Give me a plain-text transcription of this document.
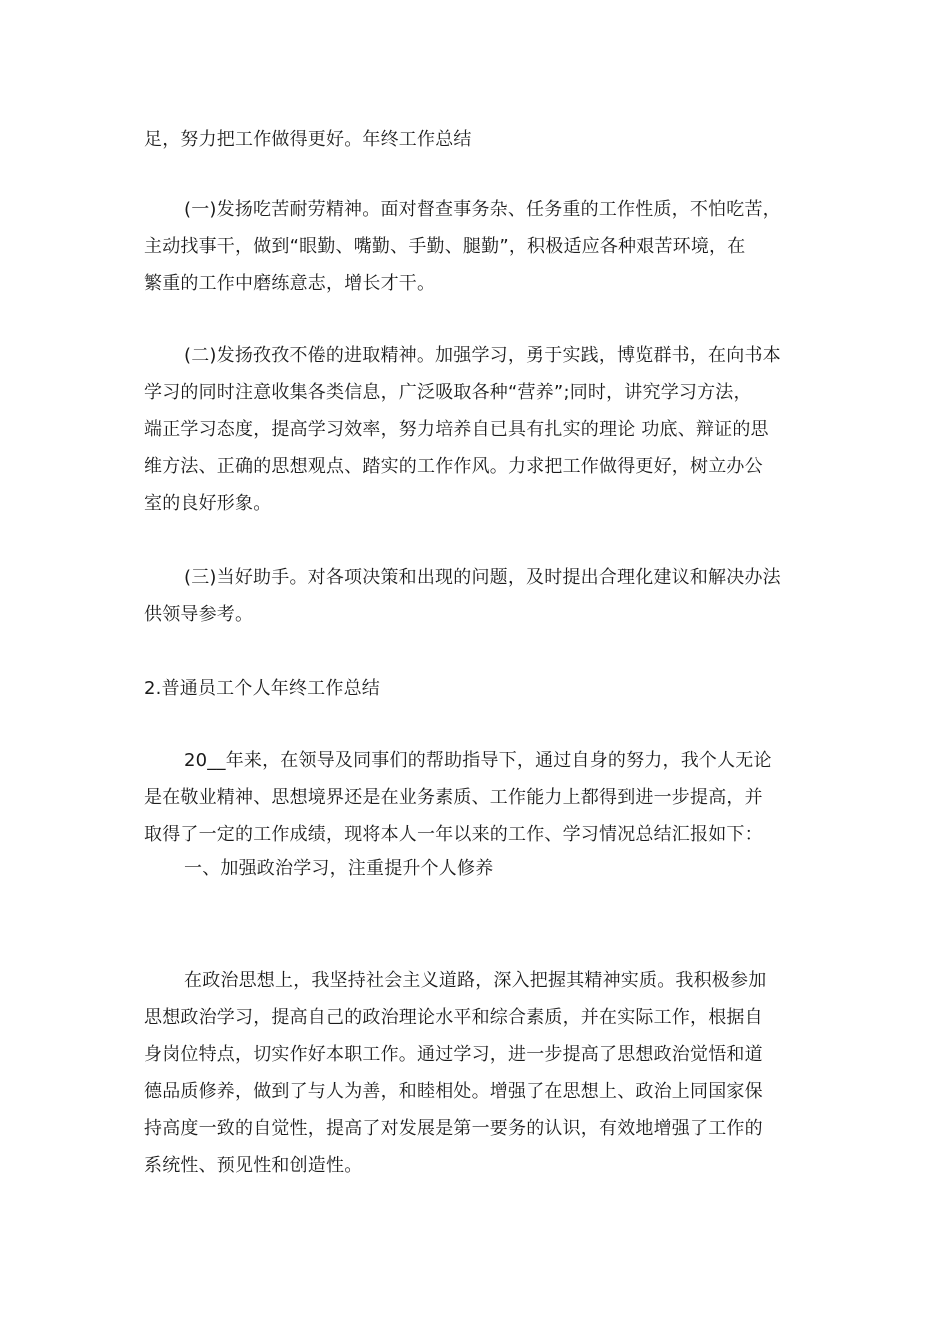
足，努力把工作做得更好。年终工作总结

(一)发扬吃苦耐劳精神。面对督查事务杂、任务重的工作性质，不怕吃苦，
主动找事干，做到“眼勤、嘴勤、手勤、腿勤”，积极适应各种艰苦环境，在
繁重的工作中磨练意志，增长才干。

(二)发扬孜孜不倦的进取精神。加强学习，勇于实践，博览群书，在向书本
学习的同时注意收集各类信息，广泛吸取各种“营养”;同时，讲究学习方法，
端正学习态度，提高学习效率，努力培养自已具有扎实的理论 功底、辩证的思
维方法、正确的思想观点、踏实的工作作风。力求把工作做得更好，树立办公
室的良好形象。

(三)当好助手。对各项决策和出现的问题，及时提出合理化建议和解决办法
供领导参考。

2.普通员工个人年终工作总结

20__年来，在领导及同事们的帮助指导下，通过自身的努力，我个人无论
是在敬业精神、思想境界还是在业务素质、工作能力上都得到进一步提高，并
取得了一定的工作成绩，现将本人一年以来的工作、学习情况总结汇报如下：

一、加强政治学习，注重提升个人修养

在政治思想上，我坚持社会主义道路，深入把握其精神实质。我积极参加
思想政治学习，提高自己的政治理论水平和综合素质，并在实际工作，根据自
身岗位特点，切实作好本职工作。通过学习，进一步提高了思想政治觉悟和道
德品质修养，做到了与人为善，和睦相处。增强了在思想上、政治上同国家保
持高度一致的自觉性，提高了对发展是第一要务的认识，有效地增强了工作的
系统性、预见性和创造性。
